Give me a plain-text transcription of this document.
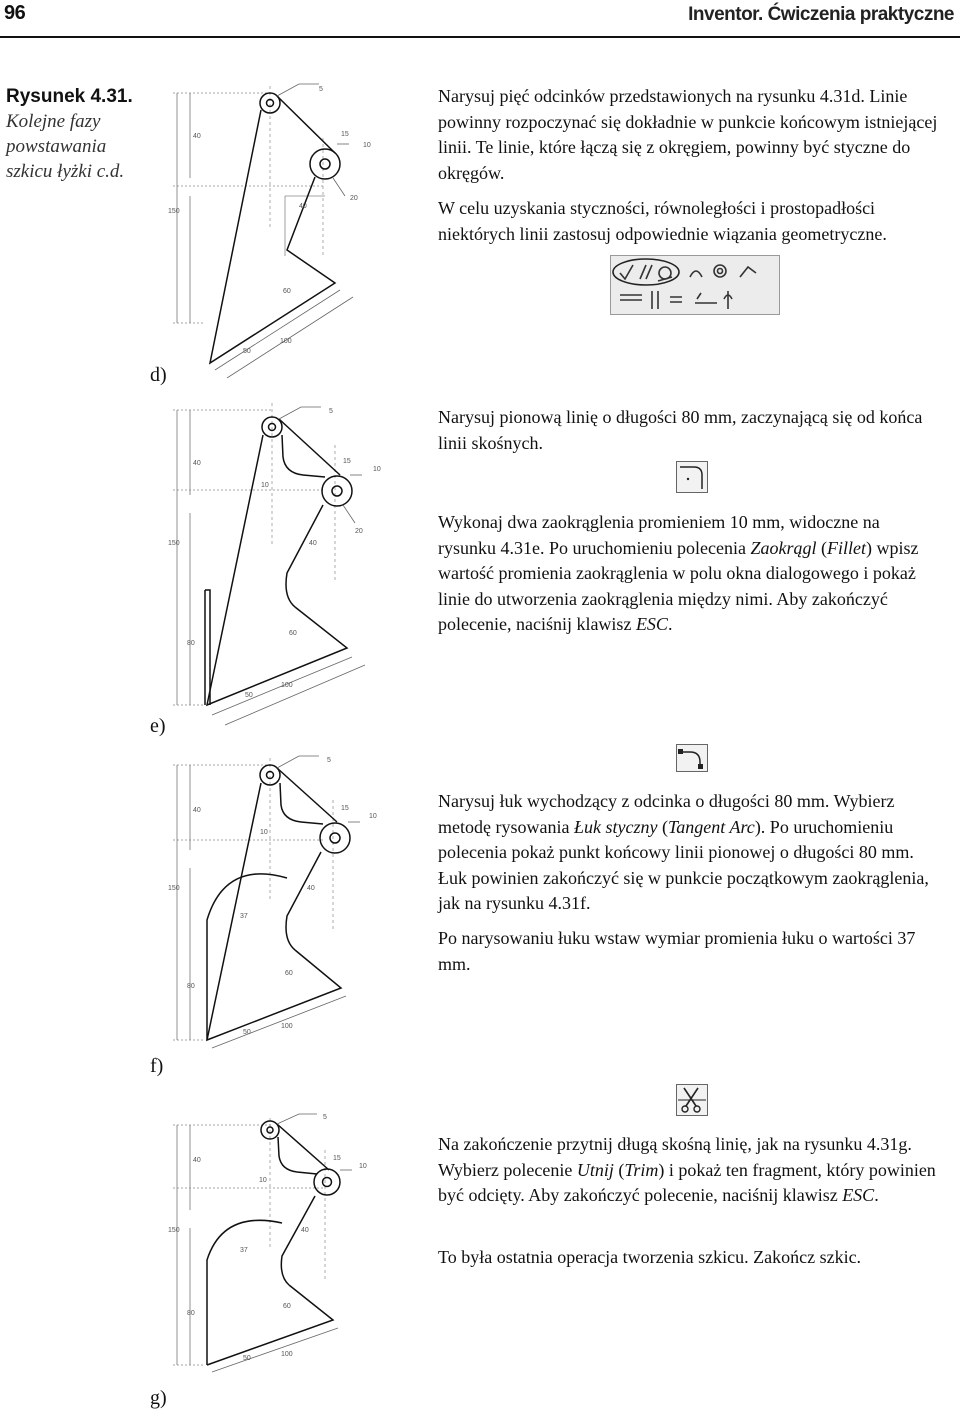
96	Inventor. Ćwiczenia praktyczne
Rysunek 4.31.
Kolejne fazy powstawania szkicu łyżki c.d.

Narysuj pięć odcinków przedstawionych na rysunku 4.31d. Linie powinny rozpoczynać się dokładnie w punkcie końcowym istniejącej linii. Te linie, które łączą się z okręgiem, powinny być styczne do okręgów.

W celu uzyskania styczności, równoległości i prostopadłości niektórych linii zastosuj odpowiednie wiązania geometryczne.

Narysuj pionową linię o długości 80 mm, zaczynającą się od końca linii skośnych.

Wykonaj dwa zaokrąglenia promieniem 10 mm, widoczne na rysunku 4.31e. Po uruchomieniu polecenia Zaokrągl (Fillet) wpisz wartość promienia zaokrąglenia w polu okna dialogowego i pokaż linie do utworzenia zaokrąglenia między nimi. Aby zakończyć polecenie, naciśnij klawisz ESC.

Narysuj łuk wychodzący z odcinka o długości 80 mm. Wybierz metodę rysowania Łuk styczny (Tangent Arc). Po uruchomieniu polecenia pokaż punkt końcowy linii pionowej o długości 80 mm. Łuk powinien zakończyć się w punkcie początkowym zaokrąglenia, jak na rysunku 4.31f.

Po narysowaniu łuku wstaw wymiar promienia łuku o wartości 37 mm.

Na zakończenie przytnij długą skośną linię, jak na rysunku 4.31g. Wybierz polecenie Utnij (Trim) i pokaż ten fragment, który powinien być odcięty. Aby zakończyć polecenie, naciśnij klawisz ESC.

To była ostatnia operacja tworzenia szkicu. Zakończ szkic.

d)
e)
f)
g)
5
40	15
10
150
40
20
60
50
100
5
40	15
10
10
150	40
20
80
60
50
100
5
40	15
10
10
150	40
37
80
60
50
100
5
40	15
10
10
150	40
37
80
60
50
100
